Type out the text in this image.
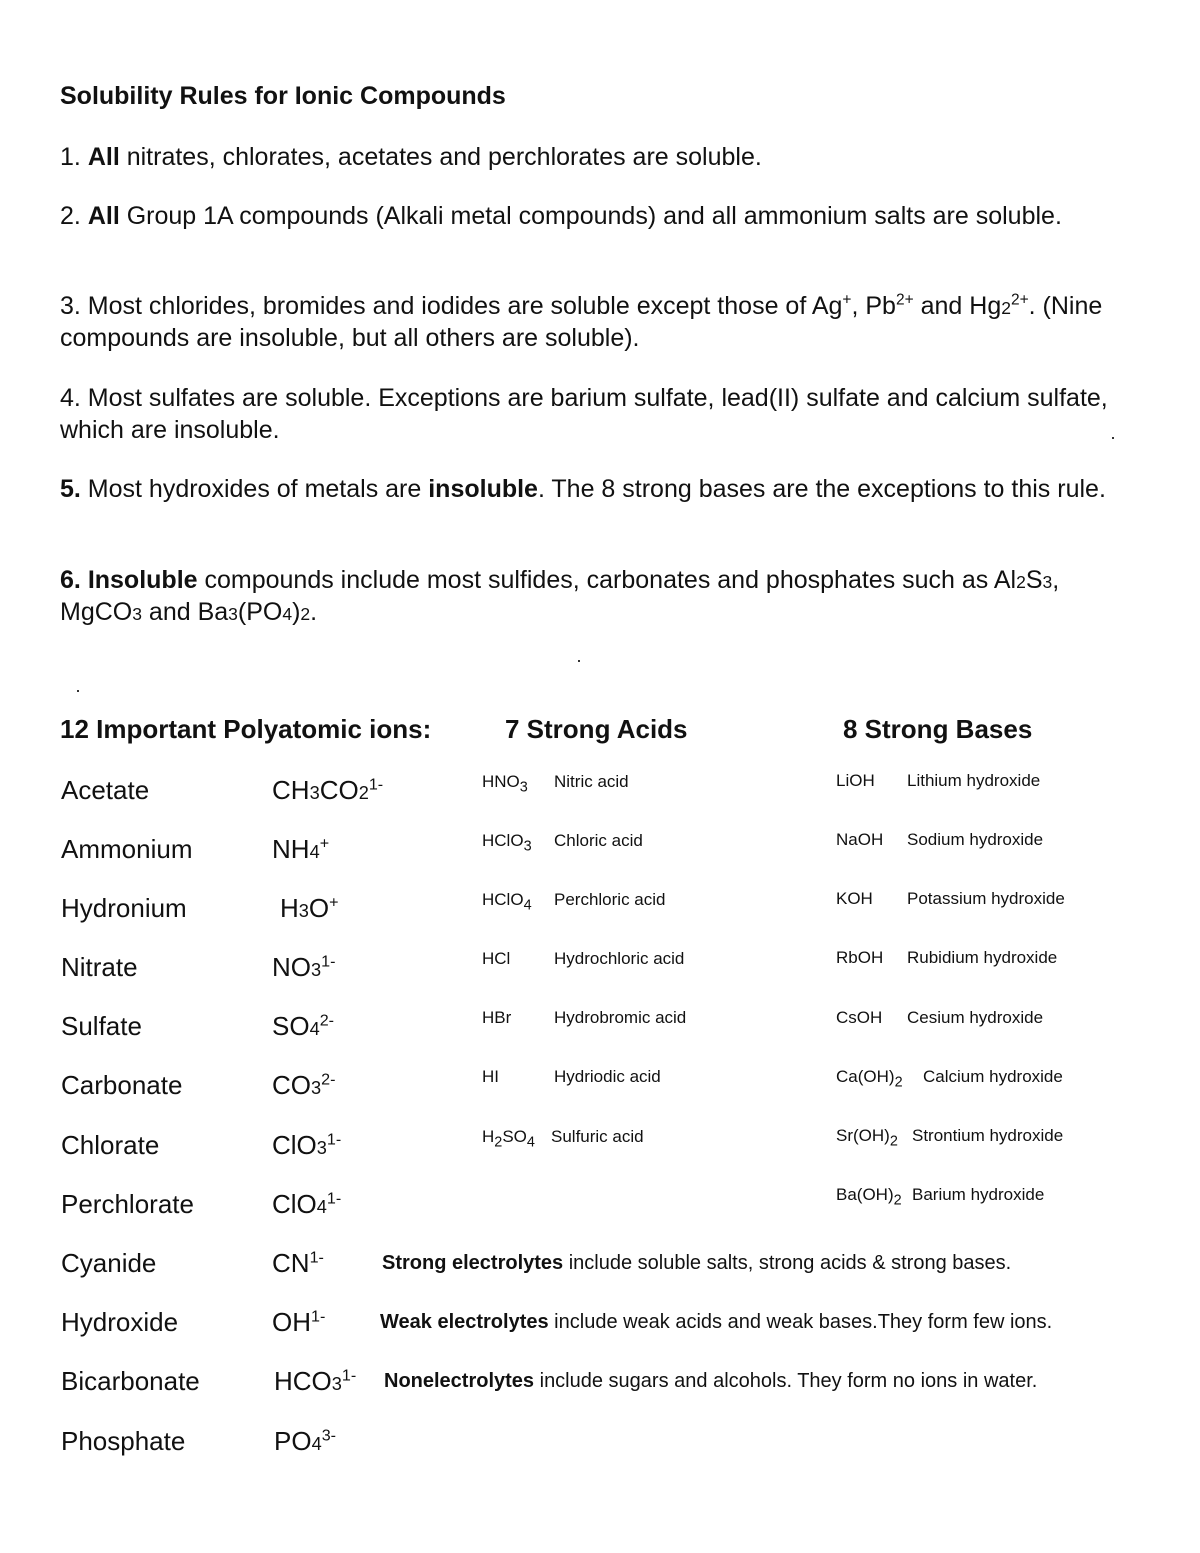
Solubility Rules for Ionic Compounds
1. All nitrates, chlorates, acetates and perchlorates are soluble.
2. All Group 1A compounds (Alkali metal compounds) and all ammonium salts are soluble.
3. Most chlorides, bromides and iodides are soluble except those of Ag+, $Pb^{2+}$ and $Hg2^{2+}$. (Nine compounds are insoluble, but all others are soluble).
4. Most sulfates are soluble. Exceptions are barium sulfate, lead(II) sulfate and calcium sulfate, which are insoluble.
5. Most hydroxides of metals are insoluble. The 8 strong bases are the exceptions to this rule.
6. Insoluble compounds include most sulfides, carbonates and phosphates such as Al2S3, MgCO3 and Ba3(PO4)2.
12 Important Polyatomic ions:	7 Strong Acids	8 Strong Bases
Acetate	$CH3CO2^{1-}$
Ammonium	NH4+
Hydronium	H3O+
Nitrate	$NO3^{1-}$
Sulfate	$SO4^{2-}$
Carbonate	$CO3^{2-}$
Chlorate	$ClO3^{1-}$
Perchlorate	$ClO4^{1-}$
Cyanide	$CN^{1-}$
Hydroxide	$OH^{1-}$
Bicarbonate	$HCO3^{1-}$
Phosphate	$PO4^{3-}$
$HNO_3$ Nitric acid
HClO$_3$ Chloric acid
HClO$_4$ Perchloric acid
HCl	Hydrochloric acid
HBr	Hydrobromic acid
HI	Hydriodic acid
$H_2SO_4$ Sulfuric acid
LiOH Lithium hydroxide
NaOH Sodium hydroxide
KOH Potassium hydroxide
RbOH Rubidium hydroxide
CsOH Cesium hydroxide
$Ca(OH)_2$ Calcium hydroxide
$Sr(OH)_2$ Strontium hydroxide
$Ba(OH)_2$ Barium hydroxide
Strong electrolytes include soluble salts, strong acids & strong bases.
Weak electrolytes include weak acids and weak bases.They form few ions.
Nonelectrolytes include sugars and alcohols. They form no ions in water.
